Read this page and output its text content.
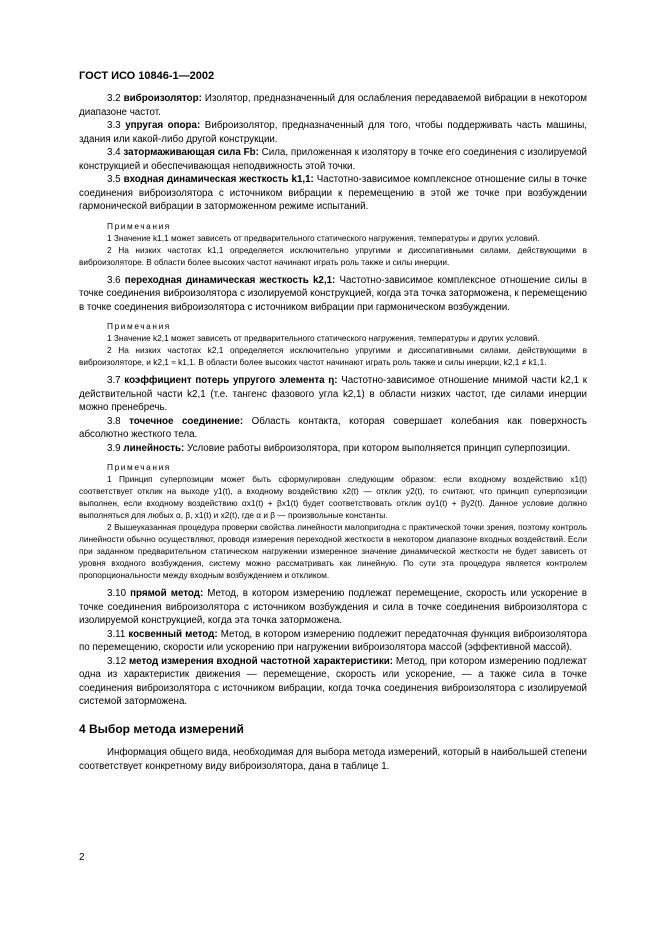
ГОСТ ИСО 10846-1—2002

3.2 виброизолятор: Изолятор, предназначенный для ослабления передаваемой вибрации в некотором диапазоне частот.

3.3 упругая опора: Виброизолятор, предназначенный для того, чтобы поддерживать часть машины, здания или какой-либо другой конструкции.

3.4 затормаживающая сила Fb: Сила, приложенная к изолятору в точке его соединения с изолируемой конструкцией и обеспечивающая неподвижность этой точки.

3.5 входная динамическая жесткость k1,1: Частотно-зависимое комплексное отношение силы в точке соединения виброизолятора с источником вибрации к перемещению в этой же точке при возбуждении гармонической вибрации в заторможенном режиме испытаний.

Примечания

1 Значение k1,1 может зависеть от предварительного статического нагружения, температуры и других условий.

2 На низких частотах k1,1 определяется исключительно упругими и диссипативными силами, действующими в виброизоляторе. В области более высоких частот начинают играть роль также и силы инерции.

3.6 переходная динамическая жесткость k2,1: Частотно-зависимое комплексное отношение силы в точке соединения виброизолятора с изолируемой конструкцией, когда эта точка заторможена, к перемещению в точке соединения виброизолятора с источником вибрации при гармоническом возбуждении.

Примечания

1 Значение k2,1 может зависеть от предварительного статического нагружения, температуры и других условий.

2 На низких частотах k2,1 определяется исключительно упругими и диссипативными силами, действующими в виброизоляторе, и k2,1 ≈ k1,1. В области более высоких частот начинают играть роль также и силы инерции, k2,1 ≠ k1,1.

3.7 коэффициент потерь упругого элемента η: Частотно-зависимое отношение мнимой части k2,1 к действительной части k2,1 (т.е. тангенс фазового угла k2,1) в области низких частот, где силами инерции можно пренебречь.

3.8 точечное соединение: Область контакта, которая совершает колебания как поверхность абсолютно жесткого тела.

3.9 линейность: Условие работы виброизолятора, при котором выполняется принцип суперпозиции.

Примечания

1 Принцип суперпозиции может быть сформулирован следующим образом: если входному воздействию x1(t) соответствует отклик на выходе y1(t), а входному воздействию x2(t) — отклик y2(t), то считают, что принцип суперпозиции выполнен, если входному воздействию αx1(t) + βx1(t) будет соответствовать отклик αy1(t) + βy2(t). Данное условие должно выполняться для любых α, β, x1(t) и x2(t), где α и β — произвольные константы.

2 Вышеуказанная процедура проверки свойства линейности малопригодна с практической точки зрения, поэтому контроль линейности обычно осуществляют, проводя измерения переходной жесткости в некотором диапазоне входных воздействий. Если при заданном предварительном статическом нагружении измеренное значение динамической жесткости не будет зависеть от уровня входного возбуждения, систему можно рассматривать как линейную. По сути эта процедура является контролем пропорциональности между входным возбуждением и откликом.

3.10 прямой метод: Метод, в котором измерению подлежат перемещение, скорость или ускорение в точке соединения виброизолятора с источником возбуждения и сила в точке соединения виброизолятора с изолируемой конструкцией, когда эта точка заторможена.

3.11 косвенный метод: Метод, в котором измерению подлежит передаточная функция виброизолятора по перемещению, скорости или ускорению при нагружении виброизолятора массой (эффективной массой).

3.12 метод измерения входной частотной характеристики: Метод, при котором измерению подлежат одна из характеристик движения — перемещение, скорость или ускорение, — а также сила в точке соединения виброизолятора с источником вибрации, когда точка соединения виброизолятора с изолируемой системой заторможена.

4 Выбор метода измерений

Информация общего вида, необходимая для выбора метода измерений, который в наибольшей степени соответствует конкретному виду виброизолятора, дана в таблице 1.

2
